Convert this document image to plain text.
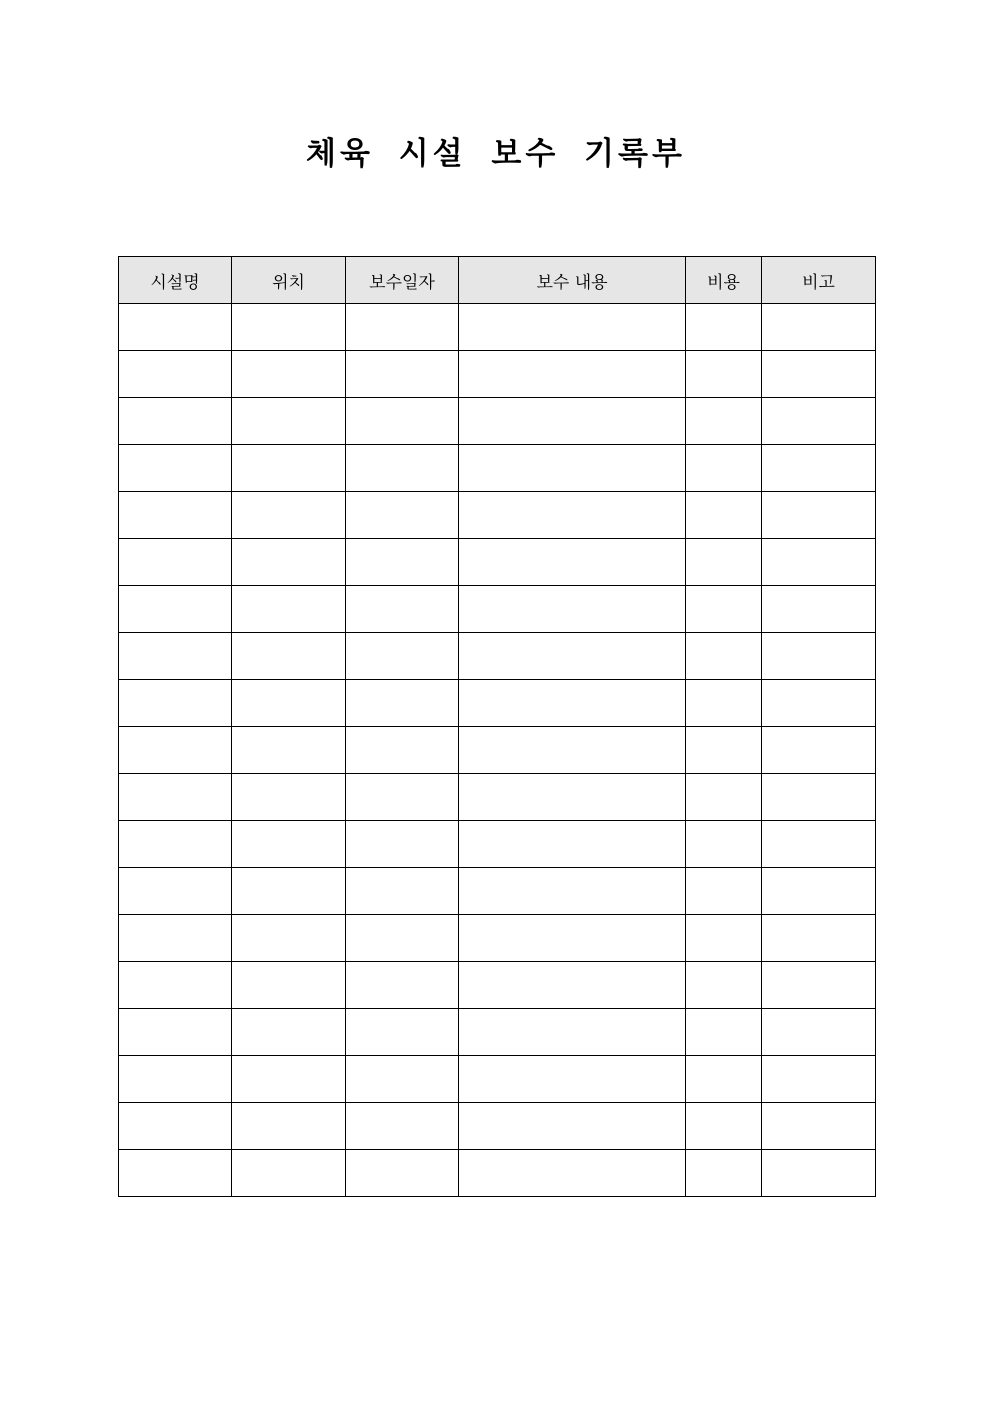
체육 시설 보수 기록부
시설명	위치	보수일자	보수 내용	비용	비고
